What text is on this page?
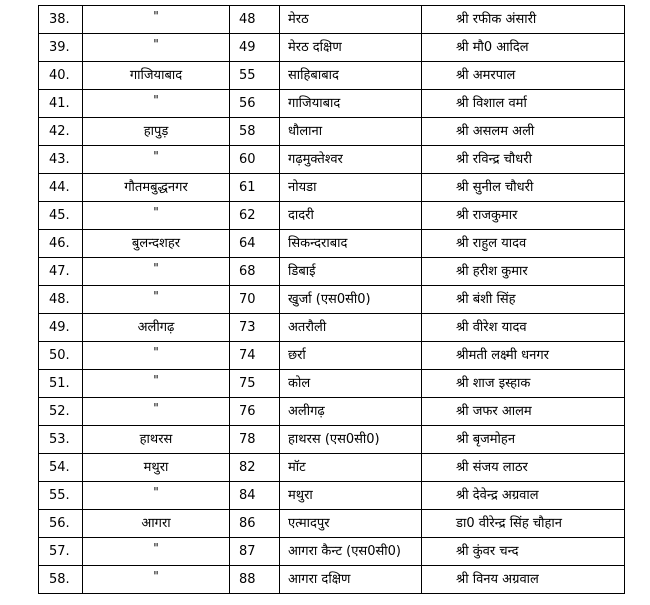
38.	"	48	मेरठ	श्री रफीक अंसारी
39.	"	49	मेरठ दक्षिण	श्री मौ0 आदिल
40.	गाजियाबाद	55	साहिबाबाद	श्री अमरपाल
41.	"	56	गाजियाबाद	श्री विशाल वर्मा
42.	हापुड़	58	धौलाना	श्री असलम अली
43.	"	60	गढ़मुक्तेश्वर	श्री रविन्द्र चौधरी
44.	गौतमबुद्धनगर	61	नोयडा	श्री सुनील चौधरी
45.	"	62	दादरी	श्री राजकुमार
46.	बुलन्दशहर	64	सिकन्दराबाद	श्री राहुल यादव
47.	"	68	डिबाई	श्री हरीश कुमार
48.	"	70	खुर्जा (एस0सी0)	श्री बंशी सिंह
49.	अलीगढ़	73	अतरौली	श्री वीरेश यादव
50.	"	74	छर्रा	श्रीमती लक्ष्मी धनगर
51.	"	75	कोल	श्री शाज इस्हाक
52.	"	76	अलीगढ़	श्री जफर आलम
53.	हाथरस	78	हाथरस (एस0सी0)	श्री बृजमोहन
54.	मथुरा	82	मॉट	श्री संजय लाठर
55.	"	84	मथुरा	श्री देवेन्द्र अग्रवाल
56.	आगरा	86	एत्मादपुर	डा0 वीरेन्द्र सिंह चौहान
57.	"	87	आगरा कैन्ट (एस0सी0)	श्री कुंवर चन्द
58.	"	88	आगरा दक्षिण	श्री विनय अग्रवाल
